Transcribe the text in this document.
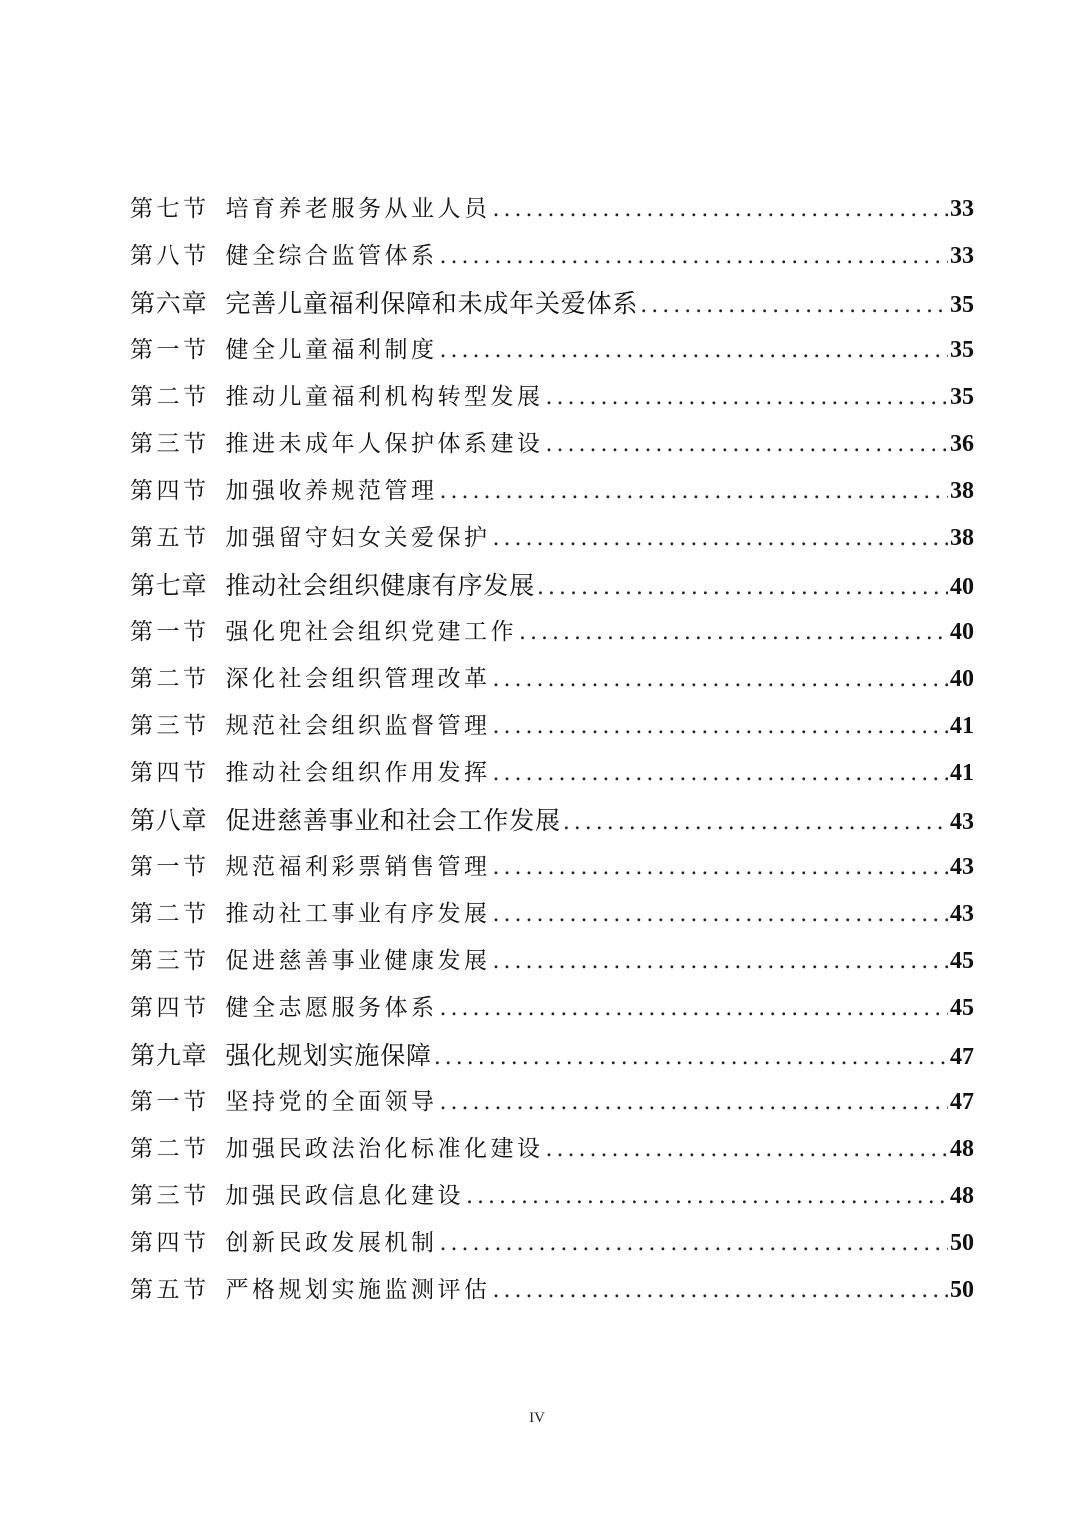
第七节 培育养老服务从业人员 .....	33
第八节 健全综合监管体系 .....	33
第六章 完善儿童福利保障和未成年关爱体系 .....	35
第一节 健全儿童福利制度 .....	35
第二节 推动儿童福利机构转型发展 .....	35
第三节 推进未成年人保护体系建设 .....	36
第四节 加强收养规范管理 .....	38
第五节 加强留守妇女关爱保护 .....	38
第七章 推动社会组织健康有序发展 .....	40
第一节 强化兜社会组织党建工作 .....	40
第二节 深化社会组织管理改革 .....	40
第三节 规范社会组织监督管理 .....	41
第四节 推动社会组织作用发挥 .....	41
第八章 促进慈善事业和社会工作发展 .....	43
第一节 规范福利彩票销售管理 .....	43
第二节 推动社工事业有序发展 .....	43
第三节 促进慈善事业健康发展 .....	45
第四节 健全志愿服务体系 .....	45
第九章 强化规划实施保障 .....	47
第一节 坚持党的全面领导 .....	47
第二节 加强民政法治化标准化建设 .....	48
第三节 加强民政信息化建设 .....	48
第四节 创新民政发展机制 .....	50
第五节 严格规划实施监测评估 .....	50
IV
